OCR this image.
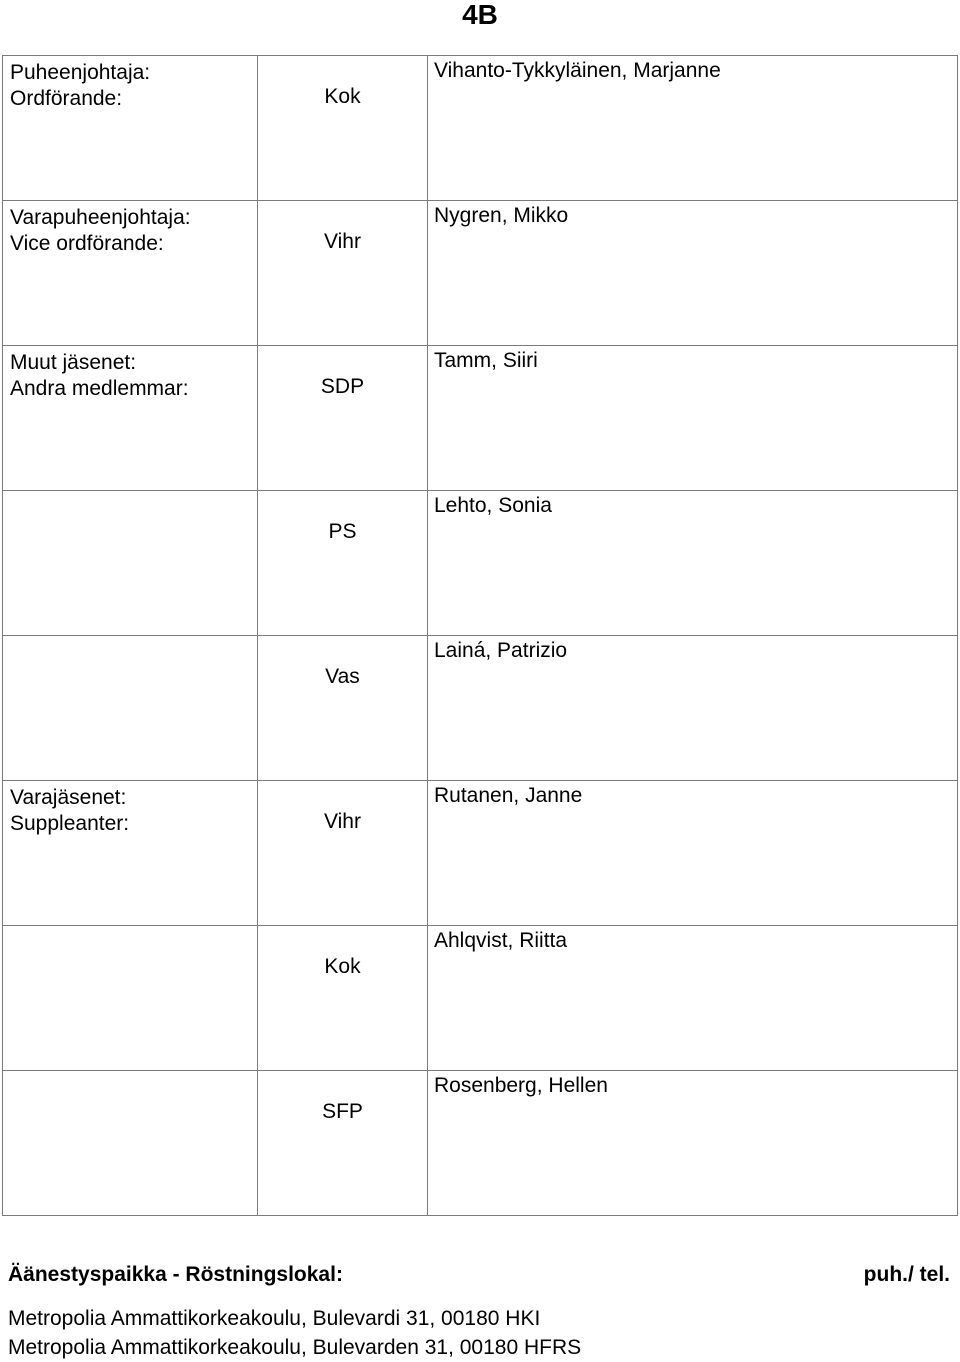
4B
Puheenjohtaja:
Ordförande:	Kok	Vihanto-Tykkyläinen, Marjanne

Varapuheenjohtaja:
Vice ordförande:	Vihr	Nygren, Mikko

Muut jäsenet:
Andra medlemmar:	SDP	Tamm, Siiri

	PS	Lehto, Sonia

	Vas	Lainá, Patrizio

Varajäsenet:
Suppleanter:	Vihr	Rutanen, Janne

	Kok	Ahlqvist, Riitta

	SFP	Rosenberg, Hellen
Äänestyspaikka - Röstningslokal:	puh./ tel.
Metropolia Ammattikorkeakoulu, Bulevardi 31, 00180 HKI
Metropolia Ammattikorkeakoulu, Bulevarden 31, 00180 HFRS
